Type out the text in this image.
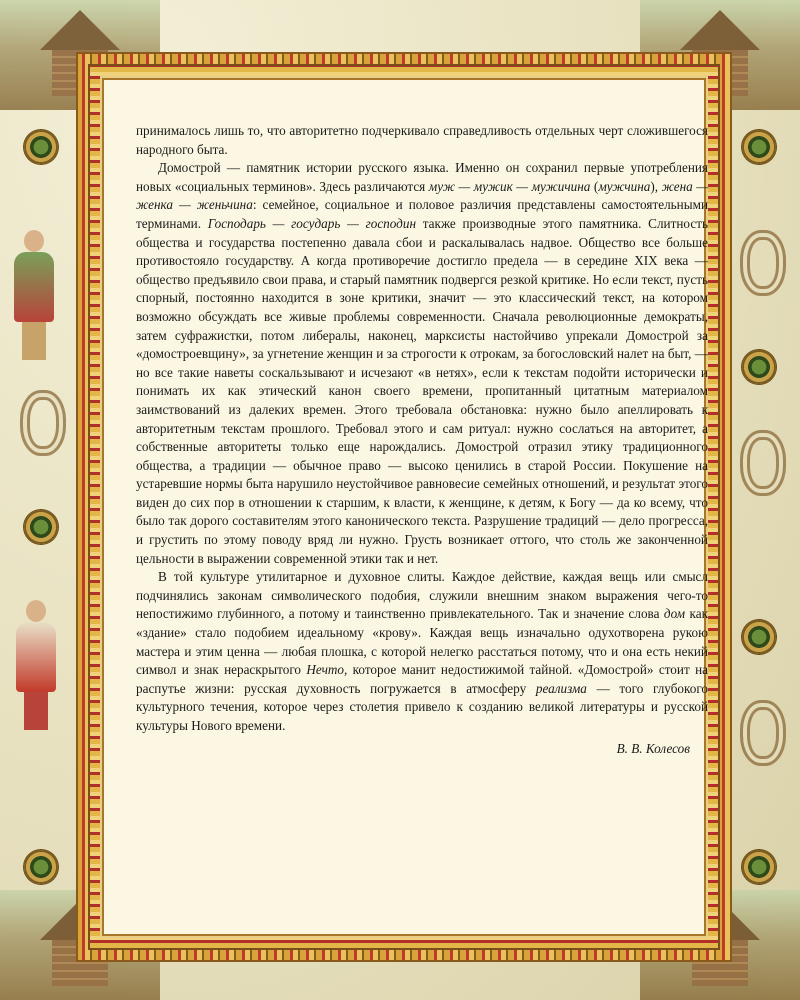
принималось лишь то, что авторитетно подчеркивало справедливость отдельных черт сложившегося народного быта.

Домострой — памятник истории русского языка. Именно он сохранил первые употребления новых «социальных терминов». Здесь различаются муж — мужик — мужичина (мужчина), жена — женка — женьчина: семейное, социальное и половое различия представлены самостоятельными терминами. Господарь — государь — господин также производные этого памятника. Слитность общества и государства постепенно давала сбои и раскалывалась надвое. Общество все больше противостояло государству. А когда противоречие достигло предела — в середине XIX века — общество предъявило свои права, и старый памятник подвергся резкой критике. Но если текст, пусть спорный, постоянно находится в зоне критики, значит — это классический текст, на котором возможно обсуждать все живые проблемы современности. Сначала революционные демократы, затем суфражистки, потом либералы, наконец, марксисты настойчиво упрекали Домострой за «домостроевщину», за угнетение женщин и за строгости к отрокам, за богословский налет на быт, — но все такие наветы соскальзывают и исчезают «в нетях», если к текстам подойти исторически и понимать их как этический канон своего времени, пропитанный цитатным материалом заимствований из далеких времен. Этого требовала обстановка: нужно было апеллировать к авторитетным текстам прошлого. Требовал этого и сам ритуал: нужно сослаться на авторитет, а собственные авторитеты только еще нарождались. Домострой отразил этику традиционного общества, а традиции — обычное право — высоко ценились в старой России. Покушение на устаревшие нормы быта нарушило неустойчивое равновесие семейных отношений, и результат этого виден до сих пор в отношении к старшим, к власти, к женщине, к детям, к Богу — да ко всему, что было так дорого составителям этого канонического текста. Разрушение традиций — дело прогресса, и грустить по этому поводу вряд ли нужно. Грусть возникает оттого, что столь же законченной цельности в выражении современной этики так и нет.

В той культуре утилитарное и духовное слиты. Каждое действие, каждая вещь или смысл подчинялись законам символического подобия, служили внешним знаком выражения чего-то непостижимо глубинного, а потому и таинственно привлекательного. Так и значение слова дом как «здание» стало подобием идеальному «крову». Каждая вещь изначально одухотворена рукою мастера и этим ценна — любая плошка, с которой нелегко расстаться потому, что и она есть некий символ и знак нераскрытого Нечто, которое манит недостижимой тайной. «Домострой» стоит на распутье жизни: русская духовность погружается в атмосферу реализма — того глубокого культурного течения, которое через столетия привело к созданию великой литературы и русской культуры Нового времени.

В. В. Колесов
